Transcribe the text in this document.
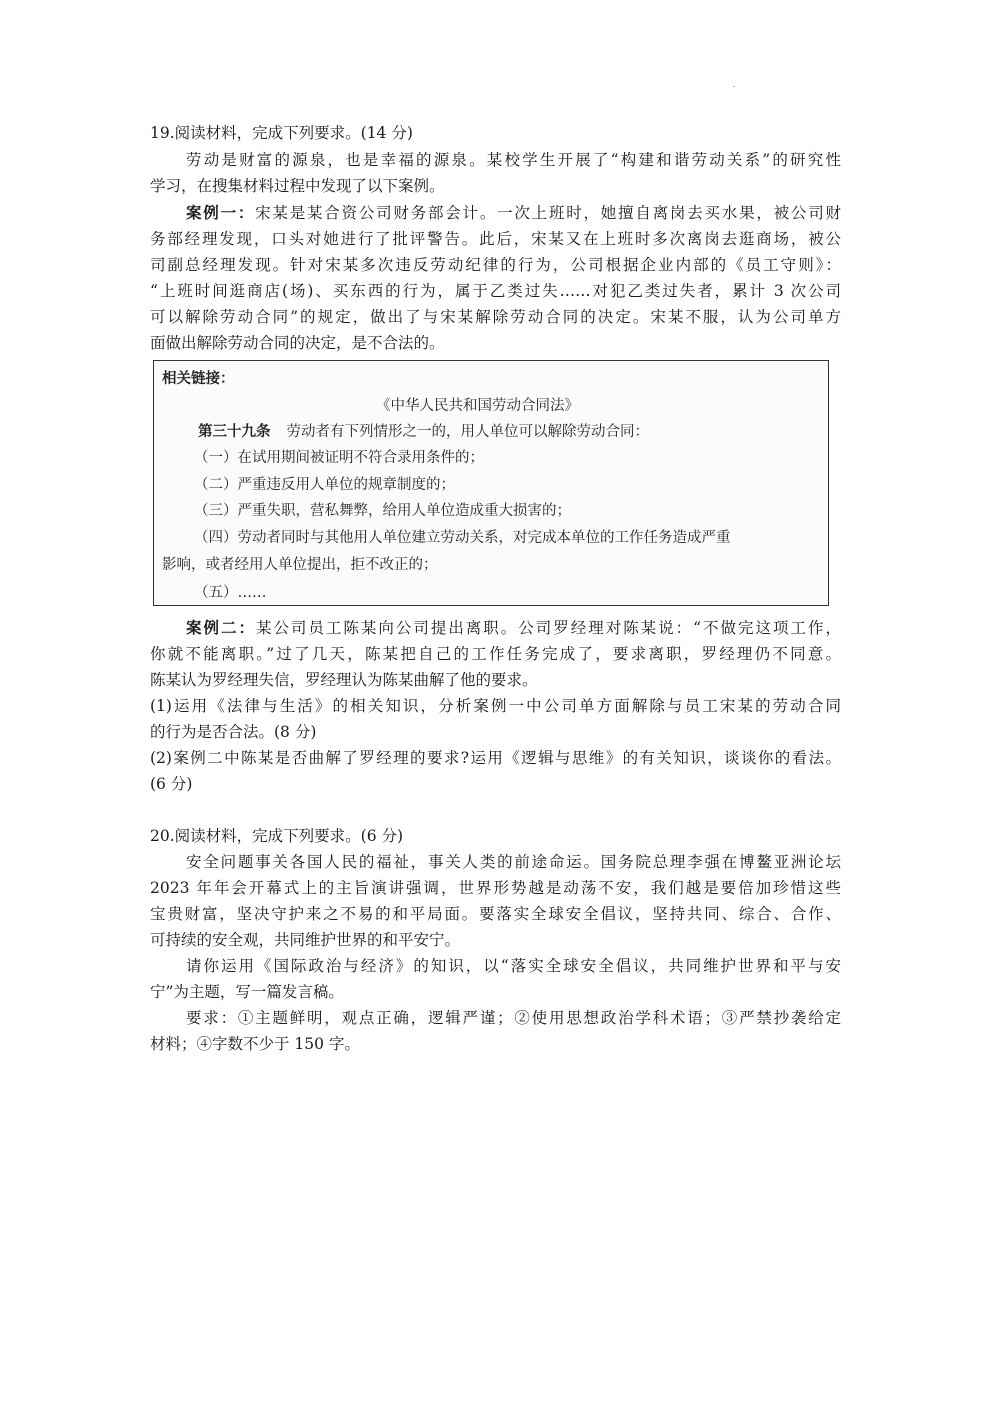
19.阅读材料，完成下列要求。(14 分)
劳动是财富的源泉，也是幸福的源泉。某校学生开展了“构建和谐劳动关系”的研究性
学习，在搜集材料过程中发现了以下案例。
案例一：宋某是某合资公司财务部会计。一次上班时，她擅自离岗去买水果，被公司财
务部经理发现，口头对她进行了批评警告。此后，宋某又在上班时多次离岗去逛商场，被公
司副总经理发现。针对宋某多次违反劳动纪律的行为，公司根据企业内部的《员工守则》：
“上班时间逛商店(场)、买东西的行为，属于乙类过失……对犯乙类过失者，累计 3 次公司
可以解除劳动合同”的规定，做出了与宋某解除劳动合同的决定。宋某不服，认为公司单方
面做出解除劳动合同的决定，是不合法的。
相关链接：
《中华人民共和国劳动合同法》
第三十九条 劳动者有下列情形之一的，用人单位可以解除劳动合同：
（一）在试用期间被证明不符合录用条件的；
（二）严重违反用人单位的规章制度的；
（三）严重失职，营私舞弊，给用人单位造成重大损害的；
（四）劳动者同时与其他用人单位建立劳动关系，对完成本单位的工作任务造成严重
影响，或者经用人单位提出，拒不改正的；
（五）……
案例二：某公司员工陈某向公司提出离职。公司罗经理对陈某说：“不做完这项工作，
你就不能离职。”过了几天，陈某把自己的工作任务完成了，要求离职，罗经理仍不同意。
陈某认为罗经理失信，罗经理认为陈某曲解了他的要求。
(1)运用《法律与生活》的相关知识，分析案例一中公司单方面解除与员工宋某的劳动合同
的行为是否合法。(8 分)
(2)案例二中陈某是否曲解了罗经理的要求?运用《逻辑与思维》的有关知识，谈谈你的看法。
(6 分)
20.阅读材料，完成下列要求。(6 分)
安全问题事关各国人民的福祉，事关人类的前途命运。国务院总理李强在博鳌亚洲论坛
2023 年年会开幕式上的主旨演讲强调，世界形势越是动荡不安，我们越是要倍加珍惜这些
宝贵财富，坚决守护来之不易的和平局面。要落实全球安全倡议，坚持共同、综合、合作、
可持续的安全观，共同维护世界的和平安宁。
请你运用《国际政治与经济》的知识，以“落实全球安全倡议，共同维护世界和平与安
宁”为主题，写一篇发言稿。
要求：①主题鲜明，观点正确，逻辑严谨；②使用思想政治学科术语；③严禁抄袭给定
材料；④字数不少于 150 字。
